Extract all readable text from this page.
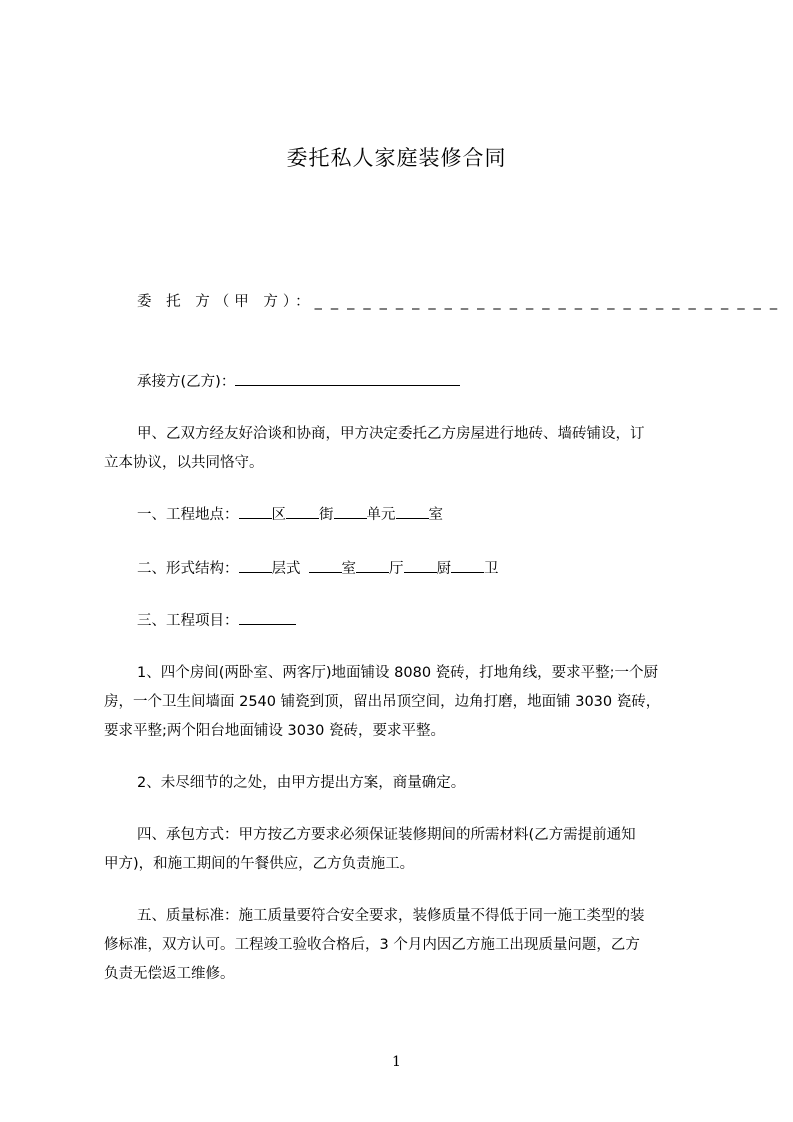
委托私人家庭装修合同
委 托 方（甲 方）：_ _ _ _ _ _ _ _ _ _ _ _ _ _ _ _ _ _ _ _ _ _ _ _ _ _ _ _ _
承接方(乙方)：
甲、乙双方经友好洽谈和协商，甲方决定委托乙方房屋进行地砖、墙砖铺设，订
立本协议，以共同恪守。
一、工程地点： 区 街 单元 室
二、形式结构： 层式	室 厅 厨 卫
三、工程项目：
1、四个房间(两卧室、两客厅)地面铺设 8080 瓷砖，打地角线，要求平整;一个厨
房，一个卫生间墙面 2540 铺瓷到顶，留出吊顶空间，边角打磨，地面铺 3030 瓷砖，
要求平整;两个阳台地面铺设 3030 瓷砖，要求平整。
2、未尽细节的之处，由甲方提出方案，商量确定。
四、承包方式：甲方按乙方要求必须保证装修期间的所需材料(乙方需提前通知
甲方)，和施工期间的午餐供应，乙方负责施工。
五、质量标准：施工质量要符合安全要求，装修质量不得低于同一施工类型的装
修标准，双方认可。工程竣工验收合格后，3 个月内因乙方施工出现质量问题，乙方
负责无偿返工维修。
1
